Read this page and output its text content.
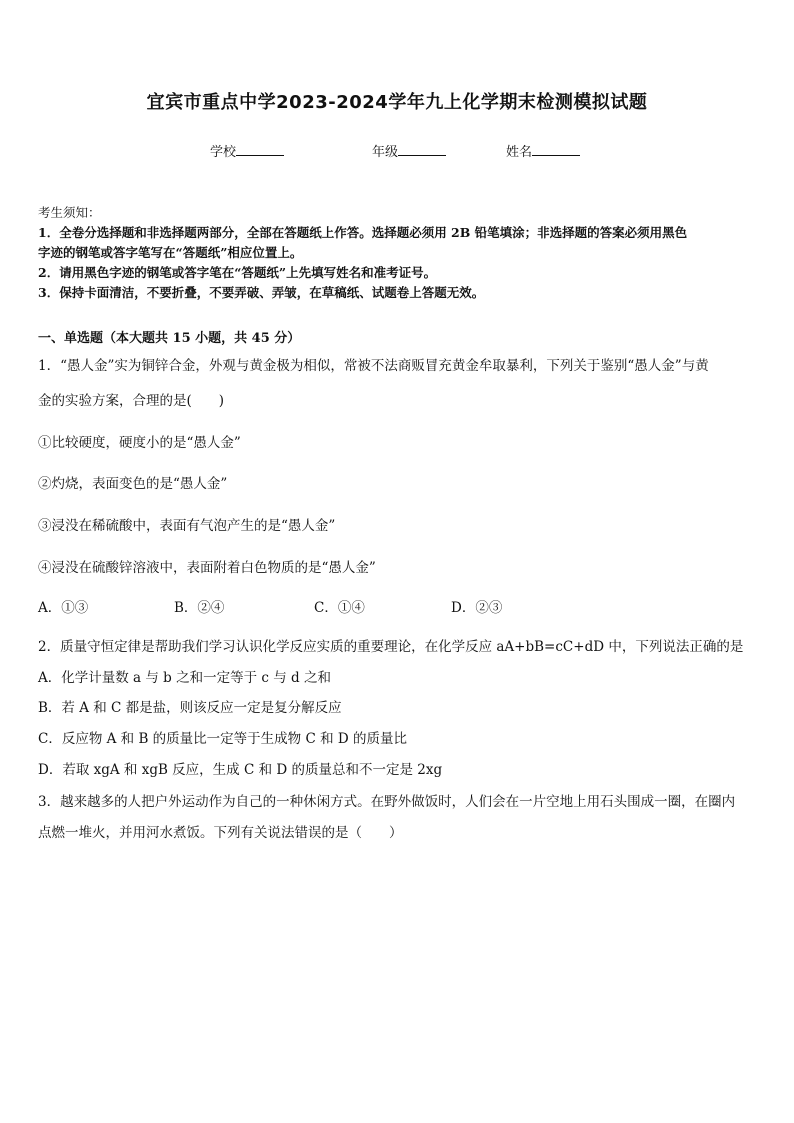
宜宾市重点中学2023-2024学年九上化学期末检测模拟试题
学校	年级	姓名
考生须知：
1．全卷分选择题和非选择题两部分，全部在答题纸上作答。选择题必须用 2B 铅笔填涂；非选择题的答案必须用黑色
字迹的钢笔或答字笔写在“答题纸”相应位置上。
2．请用黑色字迹的钢笔或答字笔在“答题纸”上先填写姓名和准考证号。
3．保持卡面清洁，不要折叠，不要弄破、弄皱，在草稿纸、试题卷上答题无效。
一、单选题（本大题共 15 小题，共 45 分）
1．“愚人金”实为铜锌合金，外观与黄金极为相似，常被不法商贩冒充黄金牟取暴利，下列关于鉴别“愚人金”与黄
金的实验方案，合理的是(　　)
①比较硬度，硬度小的是“愚人金”
②灼烧，表面变色的是“愚人金”
③浸没在稀硫酸中，表面有气泡产生的是“愚人金”
④浸没在硫酸锌溶液中，表面附着白色物质的是“愚人金”
A．①③	B．②④	C．①④	D．②③
2．质量守恒定律是帮助我们学习认识化学反应实质的重要理论，在化学反应 aA+bB=cC+dD 中，下列说法正确的是
A．化学计量数 a 与 b 之和一定等于 c 与 d 之和
B．若 A 和 C 都是盐，则该反应一定是复分解反应
C．反应物 A 和 B 的质量比一定等于生成物 C 和 D 的质量比
D．若取 xgA 和 xgB 反应，生成 C 和 D 的质量总和不一定是 2xg
3．越来越多的人把户外运动作为自己的一种休闲方式。在野外做饭时，人们会在一片空地上用石头围成一圈，在圈内
点燃一堆火，并用河水煮饭。下列有关说法错误的是（　　）
